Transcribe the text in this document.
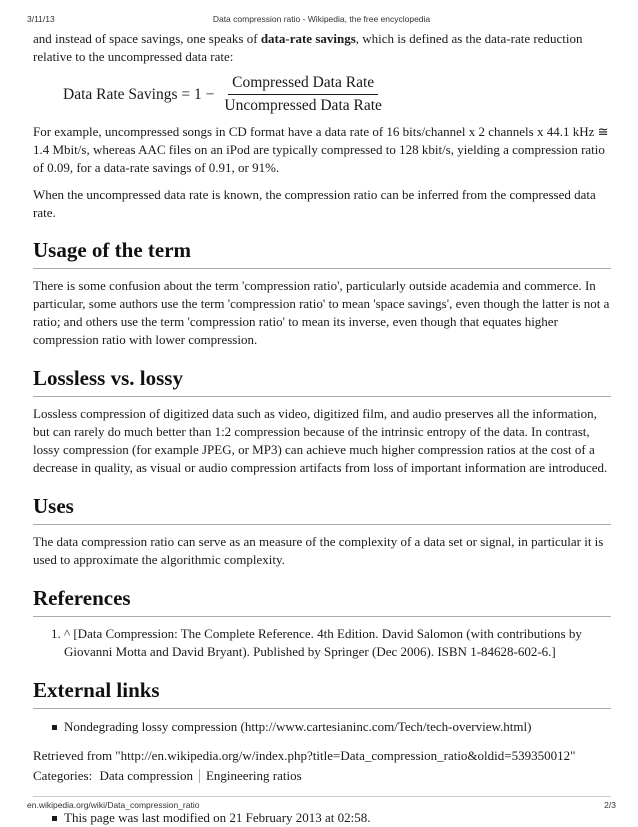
3/11/13	Data compression ratio - Wikipedia, the free encyclopedia

and instead of space savings, one speaks of data-rate savings, which is defined as the data-rate reduction relative to the uncompressed data rate:

Data Rate Savings = $1 - \frac{\text{Compressed Data Rate}}{\text{Uncompressed Data Rate}}$

For example, uncompressed songs in CD format have a data rate of 16 bits/channel x 2 channels x 44.1 kHz ≅ 1.4 Mbit/s, whereas AAC files on an iPod are typically compressed to 128 kbit/s, yielding a compression ratio of 0.09, for a data-rate savings of 0.91, or 91%.

When the uncompressed data rate is known, the compression ratio can be inferred from the compressed data rate.

Usage of the term

There is some confusion about the term 'compression ratio', particularly outside academia and commerce. In particular, some authors use the term 'compression ratio' to mean 'space savings', even though the latter is not a ratio; and others use the term 'compression ratio' to mean its inverse, even though that equates higher compression ratio with lower compression.

Lossless vs. lossy

Lossless compression of digitized data such as video, digitized film, and audio preserves all the information, but can rarely do much better than 1:2 compression because of the intrinsic entropy of the data. In contrast, lossy compression (for example JPEG, or MP3) can achieve much higher compression ratios at the cost of a decrease in quality, as visual or audio compression artifacts from loss of important information are introduced.

Uses

The data compression ratio can serve as an measure of the complexity of a data set or signal, in particular it is used to approximate the algorithmic complexity.

References
1. ^ [Data Compression: The Complete Reference. 4th Edition. David Salomon (with contributions by Giovanni Motta and David Bryant). Published by Springer (Dec 2006). ISBN 1-84628-602-6.]
External links
Nondegrading lossy compression (http://www.cartesianinc.com/Tech/tech-overview.html)

Retrieved from "http://en.wikipedia.org/w/index.php?title=Data_compression_ratio&oldid=539350012"

Categories: Data compression Engineering ratios
This page was last modified on 21 February 2013 at 02:58.
en.wikipedia.org/wiki/Data_compression_ratio	2/3
